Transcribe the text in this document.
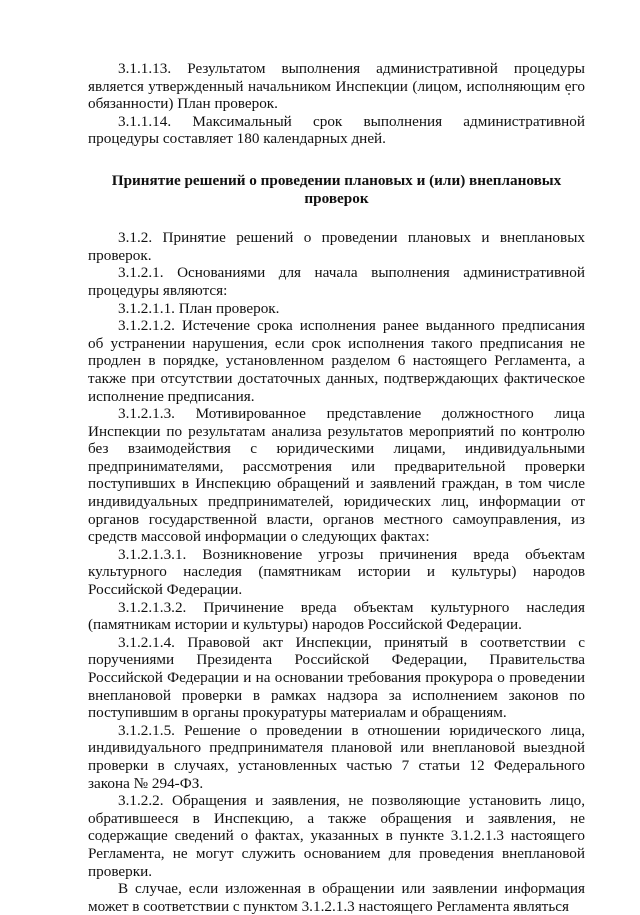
3.1.1.13. Результатом выполнения административной процедуры является утвержденный начальником Инспекции (лицом, исполняющим его обязанности) План проверок.

3.1.1.14. Максимальный срок выполнения административной процедуры составляет 180 календарных дней.

Принятие решений о проведении плановых и (или) внеплановых проверок

3.1.2. Принятие решений о проведении плановых и внеплановых проверок.

3.1.2.1. Основаниями для начала выполнения административной процедуры являются:

3.1.2.1.1. План проверок.

3.1.2.1.2. Истечение срока исполнения ранее выданного предписания об устранении нарушения, если срок исполнения такого предписания не продлен в порядке, установленном разделом 6 настоящего Регламента, а также при отсутствии достаточных данных, подтверждающих фактическое исполнение предписания.

3.1.2.1.3. Мотивированное представление должностного лица Инспекции по результатам анализа результатов мероприятий по контролю без взаимодействия с юридическими лицами, индивидуальными предпринимателями, рассмотрения или предварительной проверки поступивших в Инспекцию обращений и заявлений граждан, в том числе индивидуальных предпринимателей, юридических лиц, информации от органов государственной власти, органов местного самоуправления, из средств массовой информации о следующих фактах:

3.1.2.1.3.1. Возникновение угрозы причинения вреда объектам культурного наследия (памятникам истории и культуры) народов Российской Федерации.

3.1.2.1.3.2. Причинение вреда объектам культурного наследия (памятникам истории и культуры) народов Российской Федерации.

3.1.2.1.4. Правовой акт Инспекции, принятый в соответствии с поручениями Президента Российской Федерации, Правительства Российской Федерации и на основании требования прокурора о проведении внеплановой проверки в рамках надзора за исполнением законов по поступившим в органы прокуратуры материалам и обращениям.

3.1.2.1.5. Решение о проведении в отношении юридического лица, индивидуального предпринимателя плановой или внеплановой выездной проверки в случаях, установленных частью 7 статьи 12 Федерального закона № 294-ФЗ.

3.1.2.2. Обращения и заявления, не позволяющие установить лицо, обратившееся в Инспекцию, а также обращения и заявления, не содержащие сведений о фактах, указанных в пункте 3.1.2.1.3 настоящего Регламента, не могут служить основанием для проведения внеплановой проверки.

В случае, если изложенная в обращении или заявлении информация может в соответствии с пунктом 3.1.2.1.3 настоящего Регламента являться
